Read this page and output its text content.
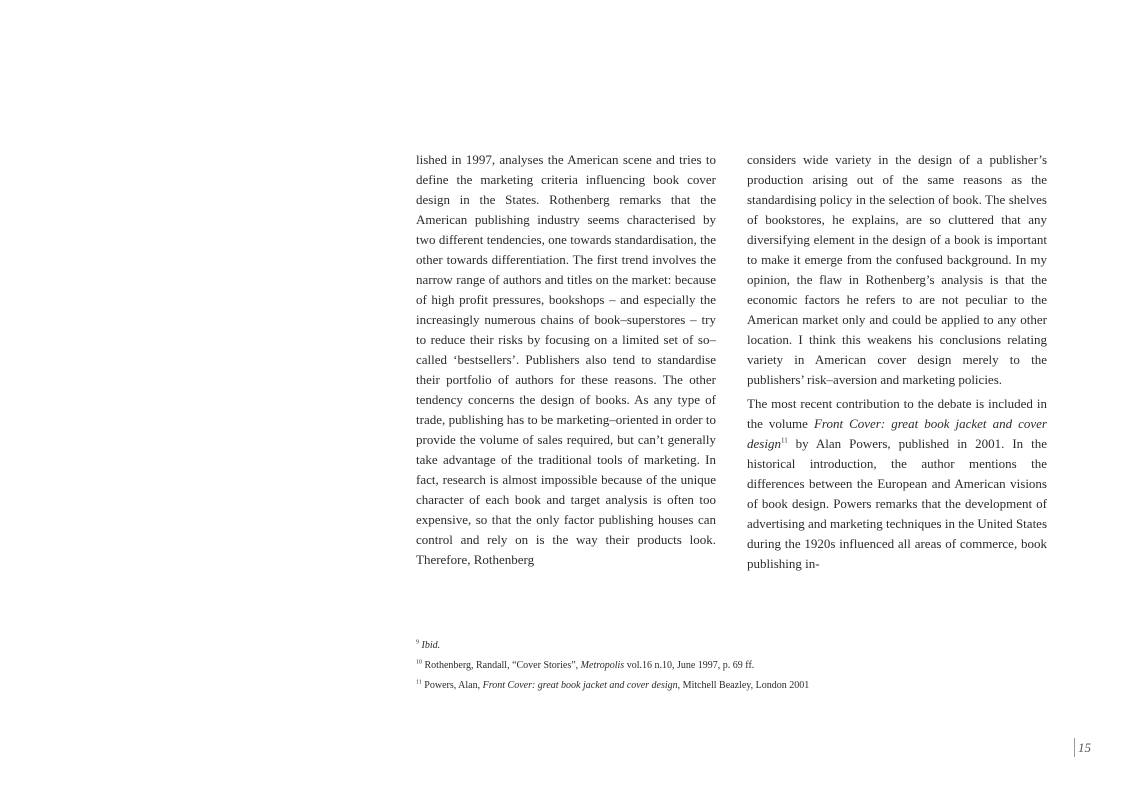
lished in 1997, analyses the American scene and tries to define the marketing criteria influencing book cover design in the States. Rothenberg remarks that the American publishing industry seems characterised by two different tendencies, one towards standardisation, the other towards differentiation. The first trend involves the narrow range of authors and titles on the market: because of high profit pressures, bookshops – and especially the increasingly numerous chains of book–superstores – try to reduce their risks by focusing on a limited set of so–called ‘bestsellers’. Publishers also tend to standardise their portfolio of authors for these reasons. The other tendency concerns the design of books. As any type of trade, publishing has to be marketing–oriented in order to provide the volume of sales required, but can’t generally take advantage of the traditional tools of marketing. In fact, research is almost impossible because of the unique character of each book and target analysis is often too expensive, so that the only factor publishing houses can control and rely on is the way their products look. Therefore, Rothenberg

considers wide variety in the design of a publisher’s production arising out of the same reasons as the standardising policy in the selection of book. The shelves of bookstores, he explains, are so cluttered that any diversifying element in the design of a book is important to make it emerge from the confused background. In my opinion, the flaw in Rothenberg’s analysis is that the economic factors he refers to are not peculiar to the American market only and could be applied to any other location. I think this weakens his conclusions relating variety in American cover design merely to the publishers’ risk–aversion and marketing policies.

The most recent contribution to the debate is included in the volume Front Cover: great book jacket and cover design$^{11}$ by Alan Powers, published in 2001. In the historical introduction, the author mentions the differences between the European and American visions of book design. Powers remarks that the development of advertising and marketing techniques in the United States during the 1920s influenced all areas of commerce, book publishing in-

$^9$ Ibid.
$^{10}$ Rothenberg, Randall, “Cover Stories”, Metropolis vol.16 n.10, June 1997, p. 69 ff.
$^{11}$ Powers, Alan, Front Cover: great book jacket and cover design, Mitchell Beazley, London 2001
15
